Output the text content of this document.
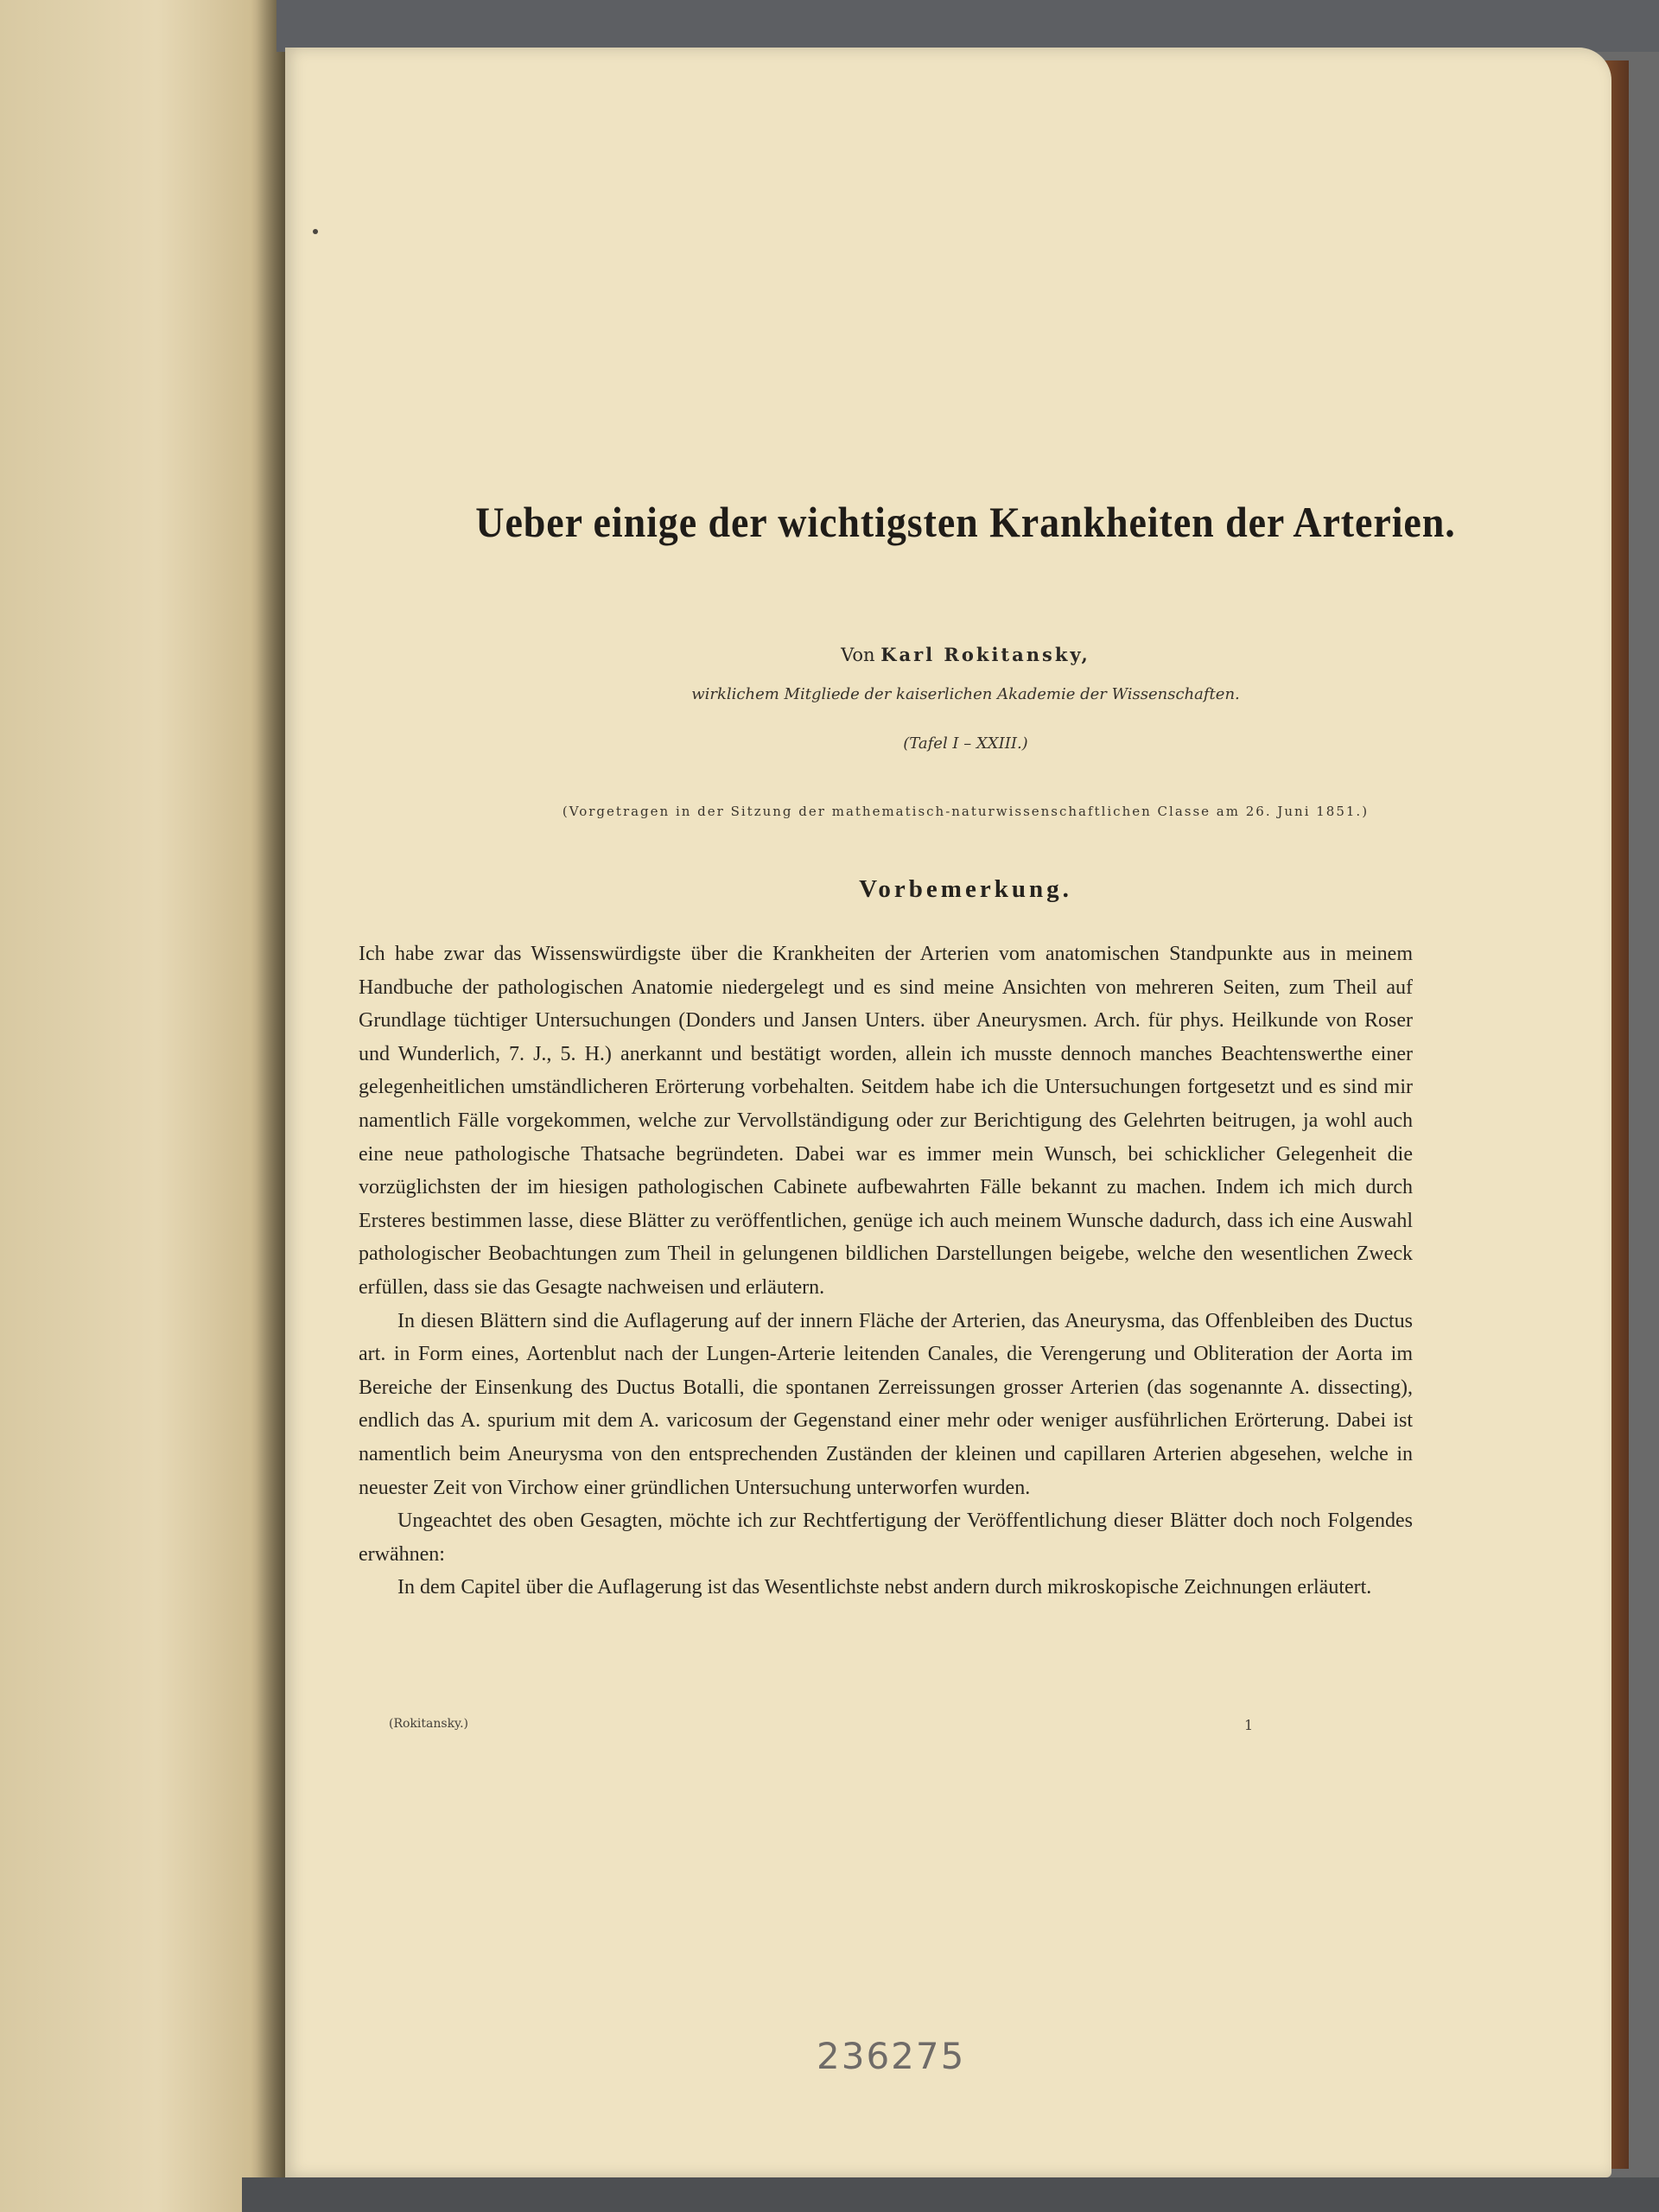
Ueber einige der wichtigsten Krankheiten der Arterien.
Von Karl Rokitansky,
wirklichem Mitgliede der kaiserlichen Akademie der Wissenschaften.
(Tafel I – XXIII.)
(Vorgetragen in der Sitzung der mathematisch-naturwissenschaftlichen Classe am 26. Juni 1851.)
Vorbemerkung.

Ich habe zwar das Wissenswürdigste über die Krankheiten der Arterien vom anatomischen Standpunkte aus in meinem Handbuche der pathologischen Anatomie niedergelegt und es sind meine Ansichten von mehreren Seiten, zum Theil auf Grundlage tüchtiger Untersuchungen (Donders und Jansen Unters. über Aneurysmen. Arch. für phys. Heilkunde von Roser und Wunderlich, 7. J., 5. H.) anerkannt und bestätigt worden, allein ich musste dennoch manches Beachtenswerthe einer gelegenheitlichen umständlicheren Erörterung vorbehalten. Seitdem habe ich die Untersuchungen fortgesetzt und es sind mir namentlich Fälle vorgekommen, welche zur Vervollständigung oder zur Berichtigung des Gelehrten beitrugen, ja wohl auch eine neue pathologische Thatsache begründeten. Dabei war es immer mein Wunsch, bei schicklicher Gelegenheit die vorzüglichsten der im hiesigen pathologischen Cabinete aufbewahrten Fälle bekannt zu machen. Indem ich mich durch Ersteres bestimmen lasse, diese Blätter zu veröffentlichen, genüge ich auch meinem Wunsche dadurch, dass ich eine Auswahl pathologischer Beobachtungen zum Theil in gelungenen bildlichen Darstellungen beigebe, welche den wesentlichen Zweck erfüllen, dass sie das Gesagte nachweisen und erläutern.

In diesen Blättern sind die Auflagerung auf der innern Fläche der Arterien, das Aneurysma, das Offenbleiben des Ductus art. in Form eines, Aortenblut nach der Lungen-Arterie leitenden Canales, die Verengerung und Obliteration der Aorta im Bereiche der Einsenkung des Ductus Botalli, die spontanen Zerreissungen grosser Arterien (das sogenannte A. dissecting), endlich das A. spurium mit dem A. varicosum der Gegenstand einer mehr oder weniger ausführlichen Erörterung. Dabei ist namentlich beim Aneurysma von den entsprechenden Zuständen der kleinen und capillaren Arterien abgesehen, welche in neuester Zeit von Virchow einer gründlichen Untersuchung unterworfen wurden.

Ungeachtet des oben Gesagten, möchte ich zur Rechtfertigung der Veröffentlichung dieser Blätter doch noch Folgendes erwähnen:

In dem Capitel über die Auflagerung ist das Wesentlichste nebst andern durch mikroskopische Zeichnungen erläutert.

(Rokitansky.)	1
236275
